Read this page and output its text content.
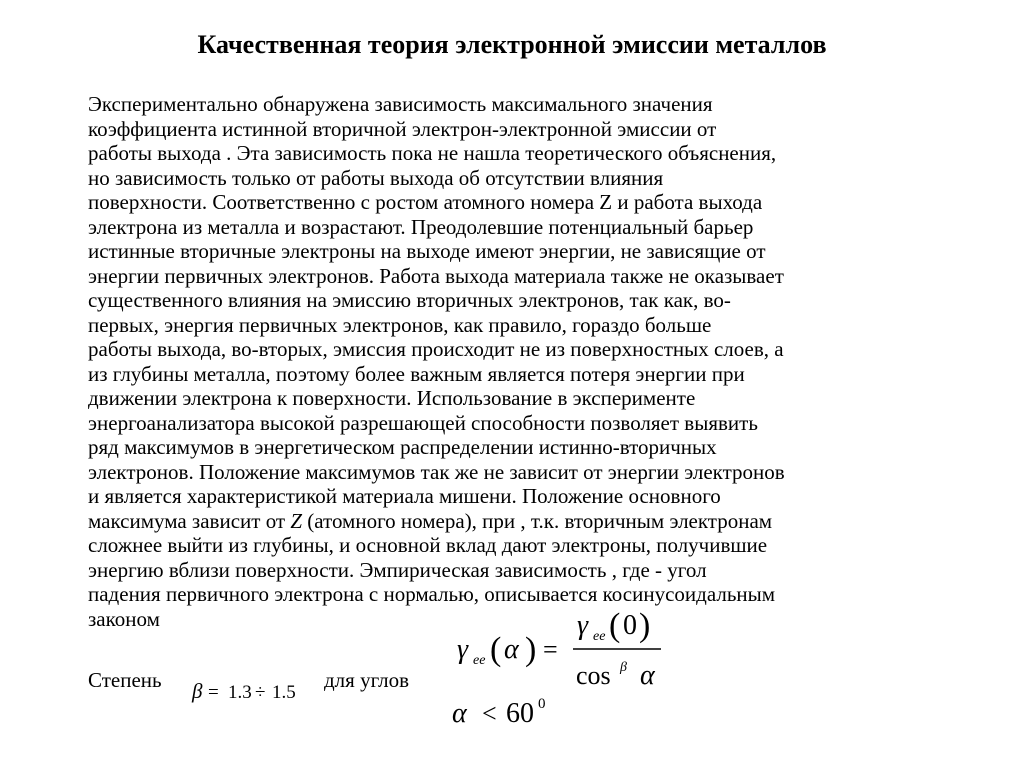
Качественная теория электронной эмиссии металлов
Экспериментально обнаружена зависимость максимального значения
коэффициента истинной вторичной электрон-электронной эмиссии от
работы выхода . Эта зависимость пока не нашла теоретического объяснения,
но зависимость только от работы выхода об отсутствии влияния
поверхности. Соответственно с ростом атомного номера Z и работа выхода
электрона из металла и возрастают. Преодолевшие потенциальный барьер
истинные вторичные электроны на выходе имеют энергии, не зависящие от
энергии первичных электронов. Работа выхода материала также не оказывает
существенного влияния на эмиссию вторичных электронов, так как, во-
первых, энергия первичных электронов, как правило, гораздо больше
работы выхода, во-вторых, эмиссия происходит не из поверхностных слоев, а
из глубины металла, поэтому более важным является потеря энергии при
движении электрона к поверхности. Использование в эксперименте
энергоанализатора высокой разрешающей способности позволяет выявить
ряд максимумов в энергетическом распределении истинно-вторичных
электронов. Положение максимумов так же не зависит от энергии электронов
и является характеристикой материала мишени. Положение основного
максимума зависит от Z (атомного номера), при , т.к. вторичным электронам
сложнее выйти из глубины, и основной вклад дают электроны, получившие
энергию вблизи поверхности. Эмпирическая зависимость , где - угол
падения первичного электрона с нормалью, описывается косинусоидальным
законом
γ ee ( α ) =
γ ee ( 0 )
cos β α
Степень β = 1.3 ÷ 1.5
для углов
α < 60 0
